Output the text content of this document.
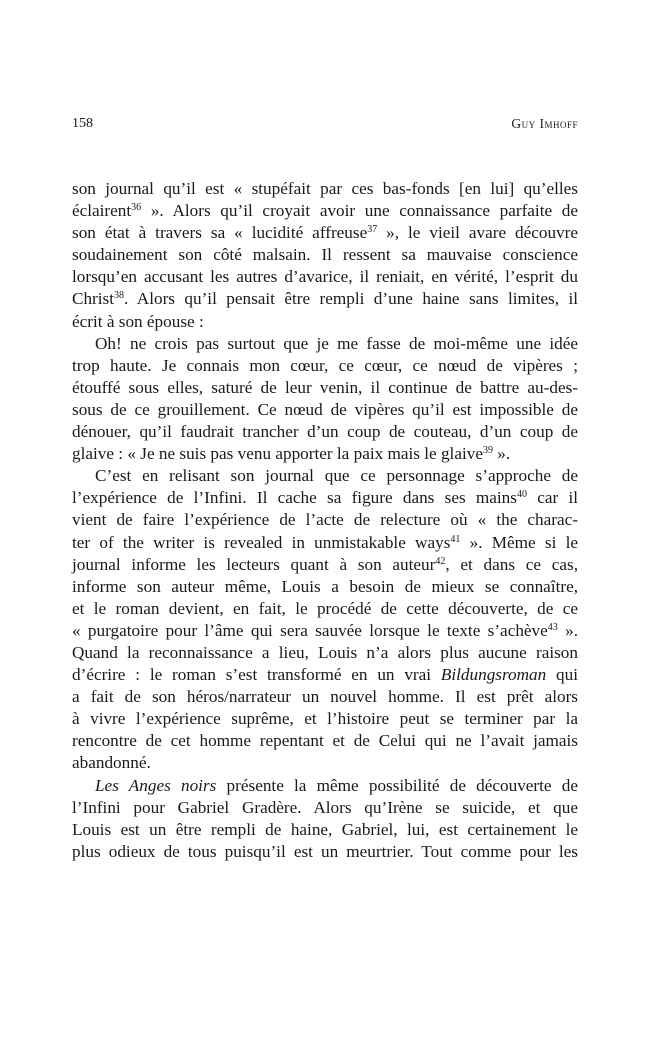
158	Guy Imhoff
son journal qu’il est « stupéfait par ces bas-fonds [en lui] qu’elles
éclairent$^{36}$ ». Alors qu’il croyait avoir une connaissance parfaite de
son état à travers sa « lucidité affreuse$^{37}$ », le vieil avare découvre
soudainement son côté malsain. Il ressent sa mauvaise conscience
lorsqu’en accusant les autres d’avarice, il reniait, en vérité, l’esprit du
Christ$^{38}$. Alors qu’il pensait être rempli d’une haine sans limites, il
écrit à son épouse :
Oh! ne crois pas surtout que je me fasse de moi-même une idée
trop haute. Je connais mon cœur, ce cœur, ce nœud de vipères ;
étouffé sous elles, saturé de leur venin, il continue de battre au-des-
sous de ce grouillement. Ce nœud de vipères qu’il est impossible de
dénouer, qu’il faudrait trancher d’un coup de couteau, d’un coup de
glaive : « Je ne suis pas venu apporter la paix mais le glaive$^{39}$ ».
C’est en relisant son journal que ce personnage s’approche de
l’expérience de l’Infini. Il cache sa figure dans ses mains$^{40}$ car il
vient de faire l’expérience de l’acte de relecture où « the charac-
ter of the writer is revealed in unmistakable ways$^{41}$ ». Même si le
journal informe les lecteurs quant à son auteur$^{42}$, et dans ce cas,
informe son auteur même, Louis a besoin de mieux se connaître,
et le roman devient, en fait, le procédé de cette découverte, de ce
« purgatoire pour l’âme qui sera sauvée lorsque le texte s’achève$^{43}$ ».
Quand la reconnaissance a lieu, Louis n’a alors plus aucune raison
d’écrire : le roman s’est transformé en un vrai Bildungsroman qui
a fait de son héros/narrateur un nouvel homme. Il est prêt alors
à vivre l’expérience suprême, et l’histoire peut se terminer par la
rencontre de cet homme repentant et de Celui qui ne l’avait jamais
abandonné.
Les Anges noirs présente la même possibilité de découverte de
l’Infini pour Gabriel Gradère. Alors qu’Irène se suicide, et que
Louis est un être rempli de haine, Gabriel, lui, est certainement le
plus odieux de tous puisqu’il est un meurtrier. Tout comme pour les
